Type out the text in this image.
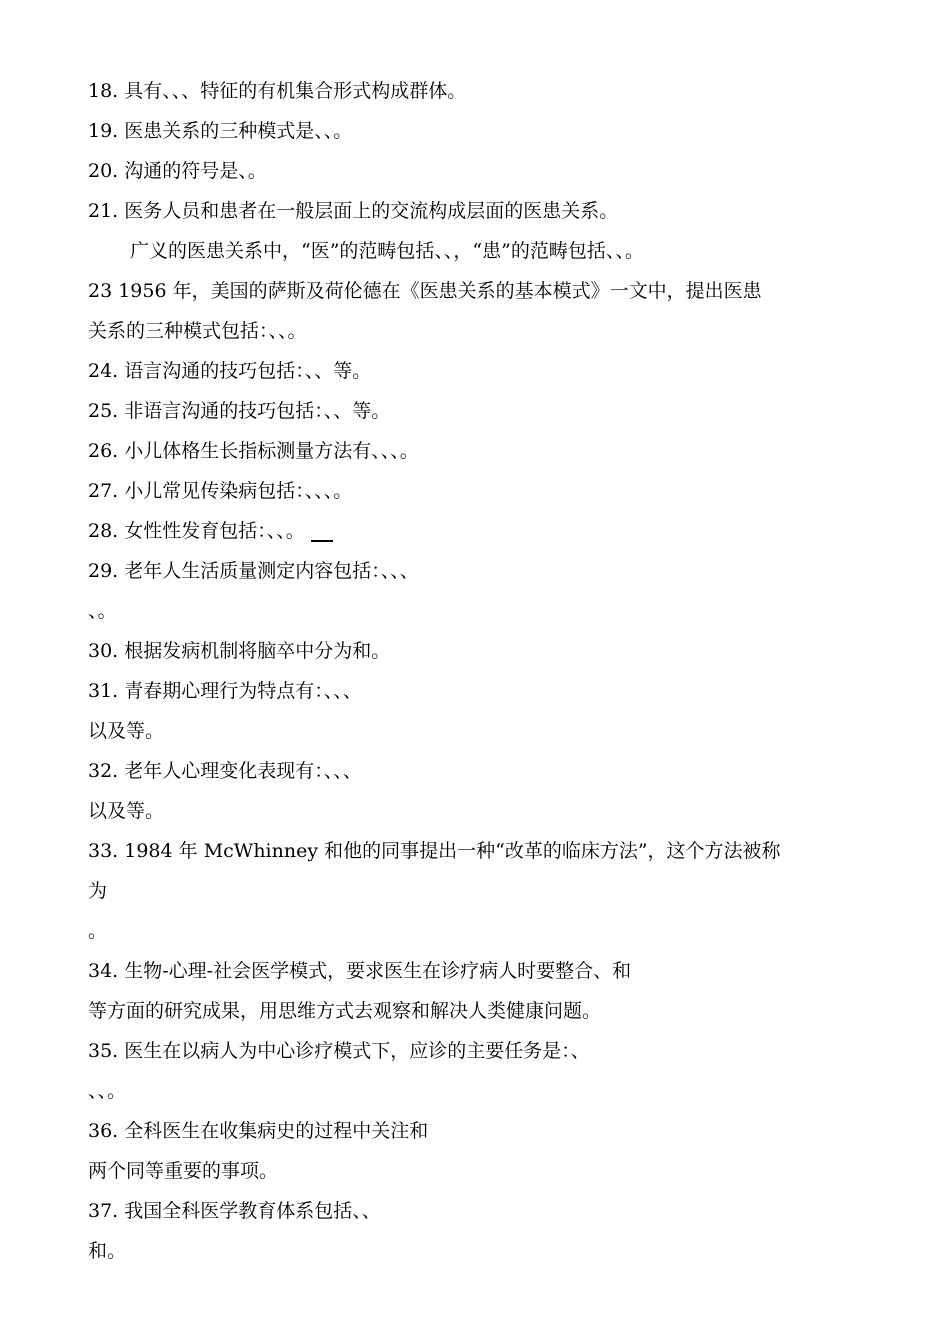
18. 具有、、、特征的有机集合形式构成群体。
19. 医患关系的三种模式是、、。
20. 沟通的符号是、。
21. 医务人员和患者在一般层面上的交流构成层面的医患关系。
广义的医患关系中，“医”的范畴包括、、，“患”的范畴包括、、。
23 1956 年，美国的萨斯及荷伦德在《医患关系的基本模式》一文中，提出医患
关系的三种模式包括：、、。
24. 语言沟通的技巧包括：、、等。
25. 非语言沟通的技巧包括：、、等。
26. 小儿体格生长指标测量方法有、、、。
27. 小儿常见传染病包括：、、、。
28. 女性性发育包括：、、。
29. 老年人生活质量测定内容包括：、、、
、。
30. 根据发病机制将脑卒中分为和。
31. 青春期心理行为特点有：、、、
以及等。
32. 老年人心理变化表现有：、、、
以及等。
33. 1984 年 McWhinney 和他的同事提出一种“改革的临床方法”，这个方法被称
为
。
34. 生物-心理-社会医学模式，要求医生在诊疗病人时要整合、和
等方面的研究成果，用思维方式去观察和解决人类健康问题。
35. 医生在以病人为中心诊疗模式下，应诊的主要任务是：、
、、。
36. 全科医生在收集病史的过程中关注和
两个同等重要的事项。
37. 我国全科医学教育体系包括、、
和。
